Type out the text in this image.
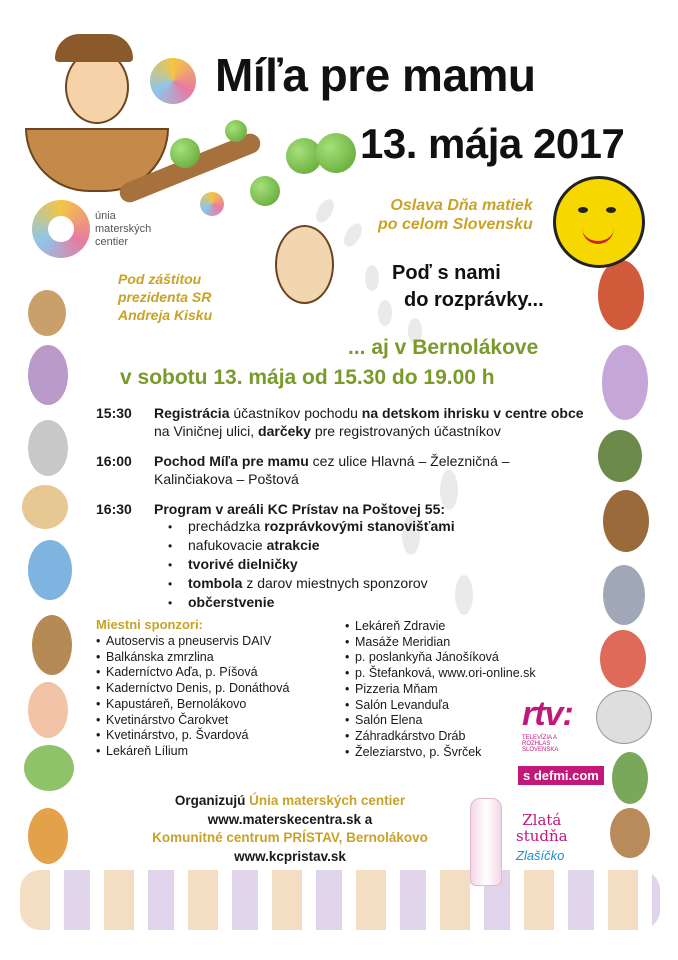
únia
materských
centier
Míľa pre mamu
13. mája 2017
Oslava Dňa matiek
po celom Slovensku
Poď s nami
do rozprávky...
Pod záštitou
prezidenta SR
Andreja Kisku
... aj v Bernolákove
v sobotu 13. mája od 15.30 do 19.00 h
15:30	Registrácia účastníkov pochodu na detskom ihrisku v centre obce na Viničnej ulici, darčeky pre registrovaných účastníkov
16:00	Pochod Míľa pre mamu cez ulice Hlavná – Železničná – Kalinčiakova – Poštová
16:30	Program v areáli KC Prístav na Poštovej 55:
• prechádzka rozprávkovými stanovišťami
• nafukovacie atrakcie
• tvorivé dielničky
• tombola z darov miestnych sponzorov
• občerstvenie
Miestni sponzori:
• Autoservis a pneuservis DAIV
• Balkánska zmrzlina
• Kaderníctvo Aďa, p. Píšová
• Kaderníctvo Denis, p. Donáthová
• Kapustáreň, Bernolákovo
• Kvetinárstvo Čarokvet
• Kvetinárstvo, p. Švardová
• Lekáreň Lílium
• Lekáreň Zdravie
• Masáže Meridian
• p. poslankyňa Jánošíková
• p. Štefanková, www.ori-online.sk
• Pizzeria Mňam
• Salón Levanduľa
• Salón Elena
• Záhradkárstvo Dráb
• Železiarstvo, p. Švrček
rtv:
TELEVÍZIA A ROZHLAS SLOVENSKA
s defmi.com
Zlatá
studňa
Zlašíčko
Organizujú Únia materských centier
www.materskecentra.sk a
Komunitné centrum PRÍSTAV, Bernolákovo
www.kcpristav.sk
